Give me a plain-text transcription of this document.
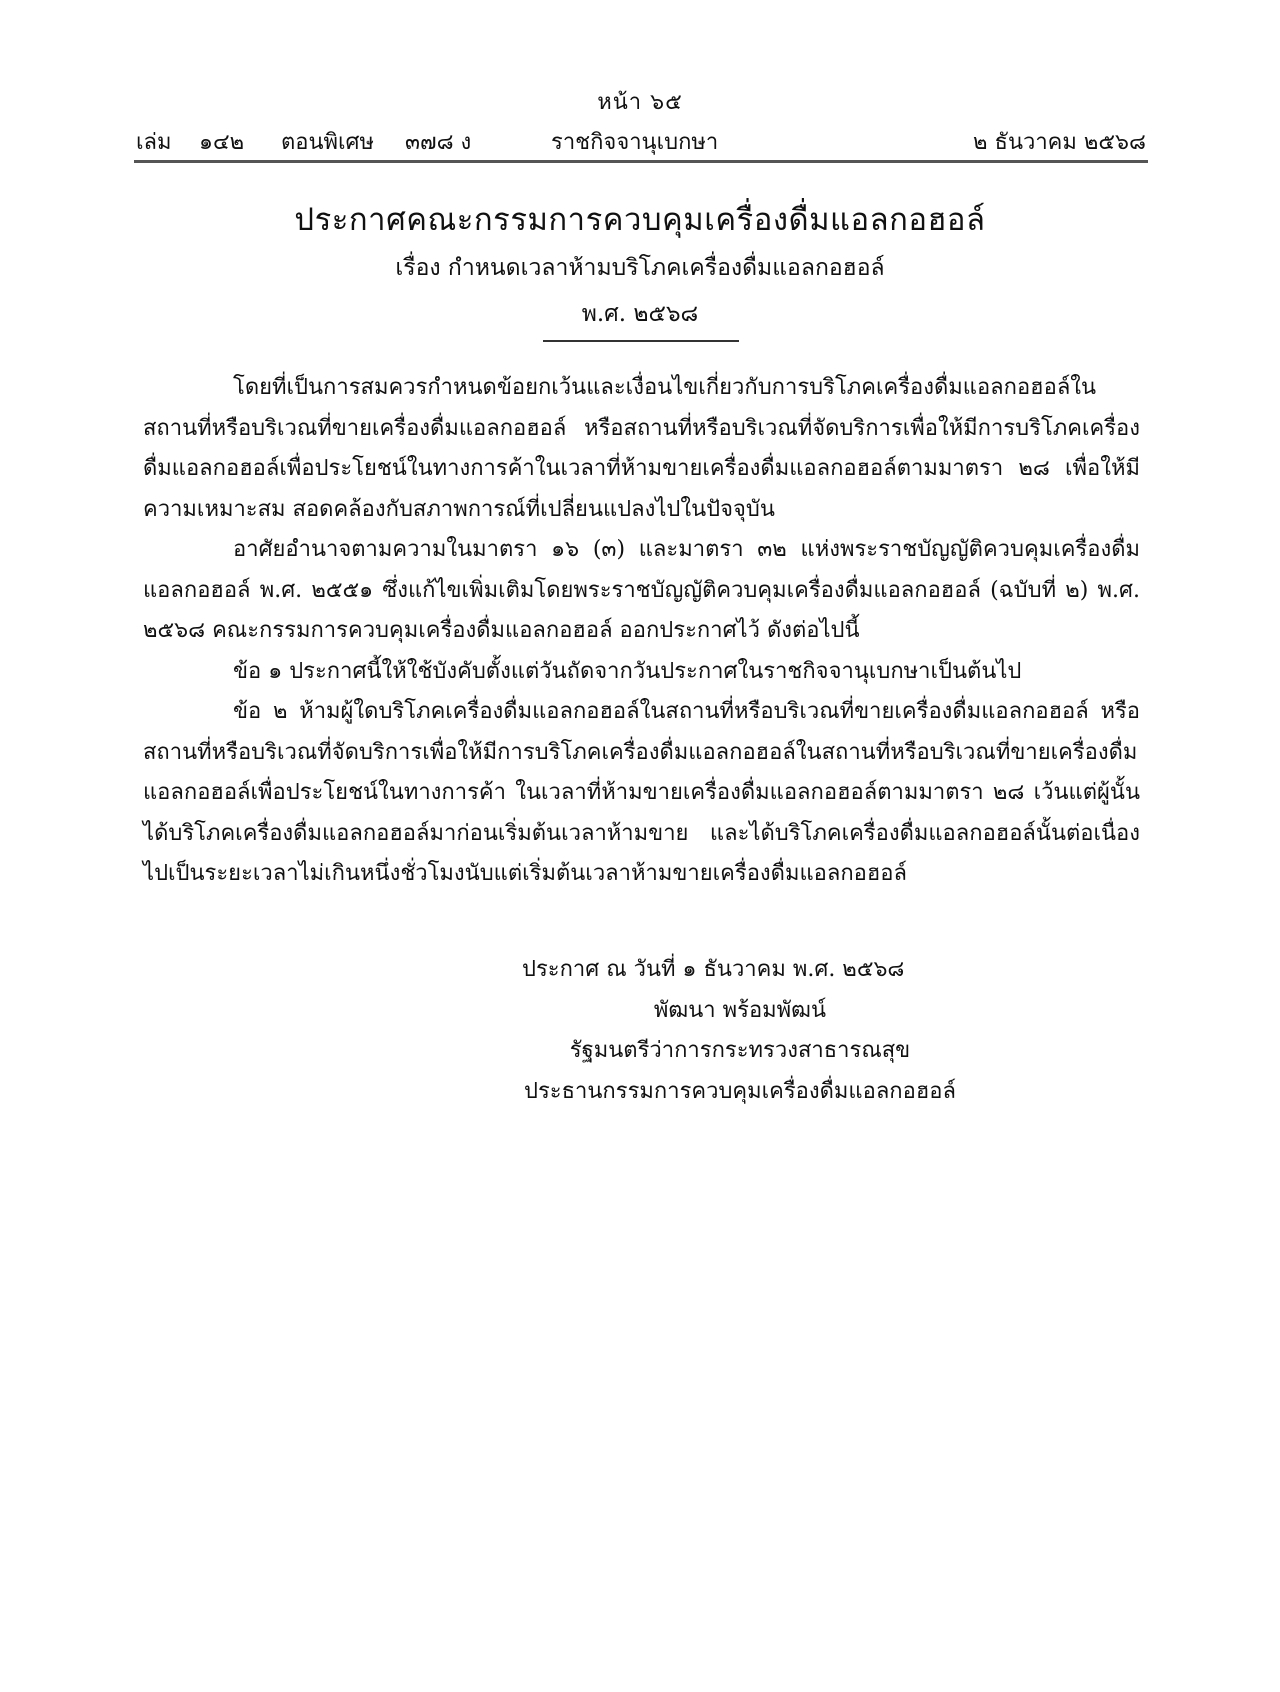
หน้า ๖๕
เล่ม ๑๔๒ ตอนพิเศษ ๓๗๘ ง	ราชกิจจานุเบกษา	๒ ธันวาคม ๒๕๖๘
ประกาศคณะกรรมการควบคุมเครื่องดื่มแอลกอฮอล์
เรื่อง กำหนดเวลาห้ามบริโภคเครื่องดื่มแอลกอฮอล์
พ.ศ. ๒๕๖๘

โดยที่เป็นการสมควรกำหนดข้อยกเว้นและเงื่อนไขเกี่ยวกับการบริโภคเครื่องดื่มแอลกอฮอล์ในสถานที่หรือบริเวณที่ขายเครื่องดื่มแอลกอฮอล์ หรือสถานที่หรือบริเวณที่จัดบริการเพื่อให้มีการบริโภคเครื่องดื่มแอลกอฮอล์เพื่อประโยชน์ในทางการค้าในเวลาที่ห้ามขายเครื่องดื่มแอลกอฮอล์ตามมาตรา ๒๘ เพื่อให้มีความเหมาะสม สอดคล้องกับสภาพการณ์ที่เปลี่ยนแปลงไปในปัจจุบัน

อาศัยอำนาจตามความในมาตรา ๑๖ (๓) และมาตรา ๓๒ แห่งพระราชบัญญัติควบคุมเครื่องดื่มแอลกอฮอล์ พ.ศ. ๒๕๕๑ ซึ่งแก้ไขเพิ่มเติมโดยพระราชบัญญัติควบคุมเครื่องดื่มแอลกอฮอล์ (ฉบับที่ ๒) พ.ศ. ๒๕๖๘ คณะกรรมการควบคุมเครื่องดื่มแอลกอฮอล์ ออกประกาศไว้ ดังต่อไปนี้

ข้อ ๑ ประกาศนี้ให้ใช้บังคับตั้งแต่วันถัดจากวันประกาศในราชกิจจานุเบกษาเป็นต้นไป

ข้อ ๒ ห้ามผู้ใดบริโภคเครื่องดื่มแอลกอฮอล์ในสถานที่หรือบริเวณที่ขายเครื่องดื่มแอลกอฮอล์ หรือสถานที่หรือบริเวณที่จัดบริการเพื่อให้มีการบริโภคเครื่องดื่มแอลกอฮอล์ในสถานที่หรือบริเวณที่ขายเครื่องดื่มแอลกอฮอล์เพื่อประโยชน์ในทางการค้า ในเวลาที่ห้ามขายเครื่องดื่มแอลกอฮอล์ตามมาตรา ๒๘ เว้นแต่ผู้นั้นได้บริโภคเครื่องดื่มแอลกอฮอล์มาก่อนเริ่มต้นเวลาห้ามขาย และได้บริโภคเครื่องดื่มแอลกอฮอล์นั้นต่อเนื่องไปเป็นระยะเวลาไม่เกินหนึ่งชั่วโมงนับแต่เริ่มต้นเวลาห้ามขายเครื่องดื่มแอลกอฮอล์

ประกาศ ณ วันที่ ๑ ธันวาคม พ.ศ. ๒๕๖๘
พัฒนา พร้อมพัฒน์
รัฐมนตรีว่าการกระทรวงสาธารณสุข
ประธานกรรมการควบคุมเครื่องดื่มแอลกอฮอล์
